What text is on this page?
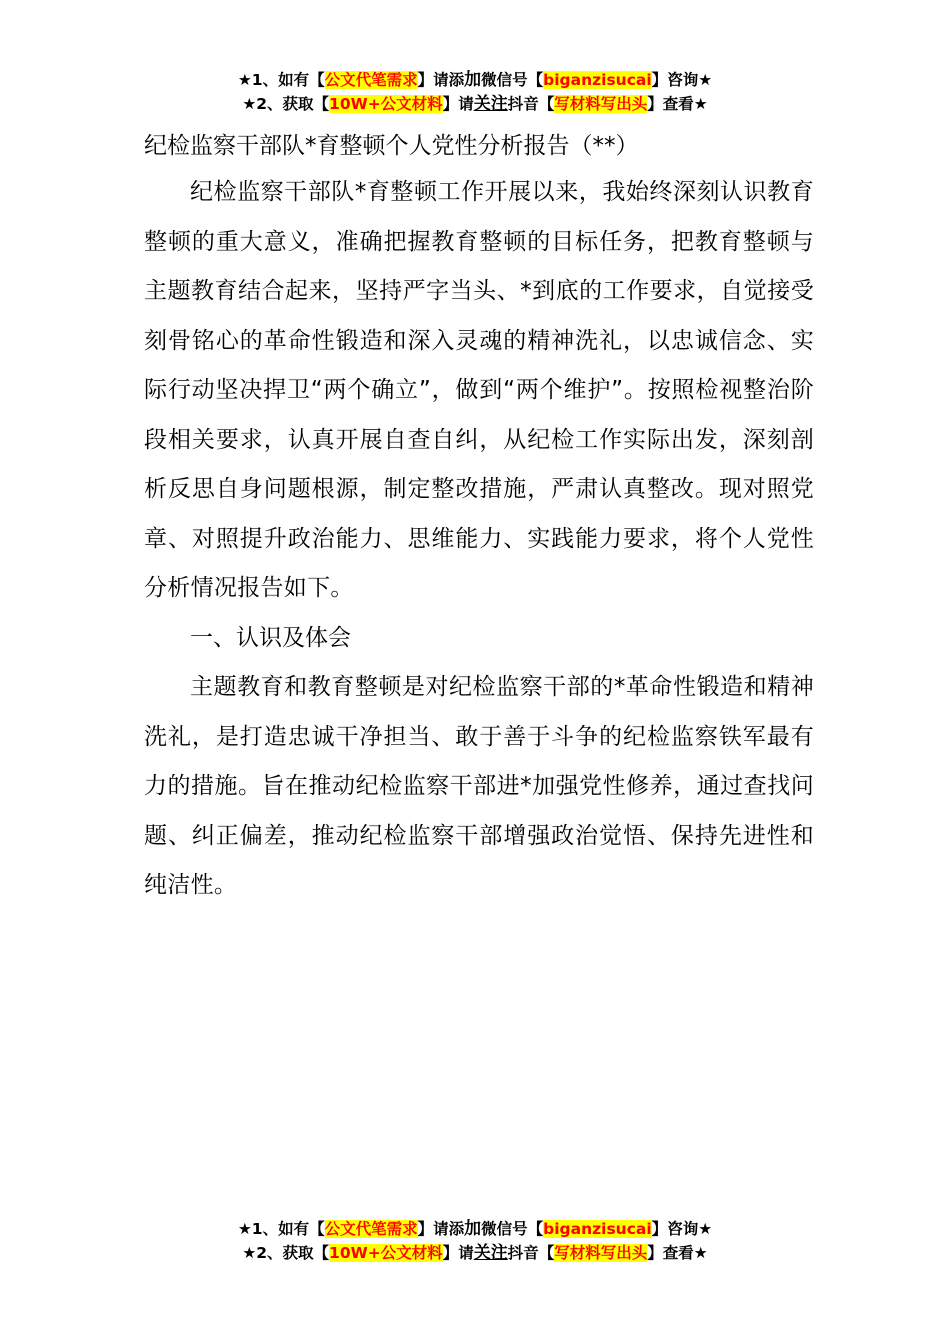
★1、如有【公文代笔需求】请添加微信号【biganzisucai】咨询★
★2、获取【10W+公文材料】请关注抖音【写材料写出头】查看★
纪检监察干部队*育整顿个人党性分析报告（**）

纪检监察干部队*育整顿工作开展以来，我始终深刻认识教育整顿的重大意义，准确把握教育整顿的目标任务，把教育整顿与主题教育结合起来，坚持严字当头、*到底的工作要求，自觉接受刻骨铭心的革命性锻造和深入灵魂的精神洗礼，以忠诚信念、实际行动坚决捍卫“两个确立”，做到“两个维护”。按照检视整治阶段相关要求，认真开展自查自纠，从纪检工作实际出发，深刻剖析反思自身问题根源，制定整改措施，严肃认真整改。现对照党章、对照提升政治能力、思维能力、实践能力要求，将个人党性分析情况报告如下。

一、认识及体会

主题教育和教育整顿是对纪检监察干部的*革命性锻造和精神洗礼，是打造忠诚干净担当、敢于善于斗争的纪检监察铁军最有力的措施。旨在推动纪检监察干部进*加强党性修养，通过查找问题、纠正偏差，推动纪检监察干部增强政治觉悟、保持先进性和纯洁性。

★1、如有【公文代笔需求】请添加微信号【biganzisucai】咨询★
★2、获取【10W+公文材料】请关注抖音【写材料写出头】查看★
